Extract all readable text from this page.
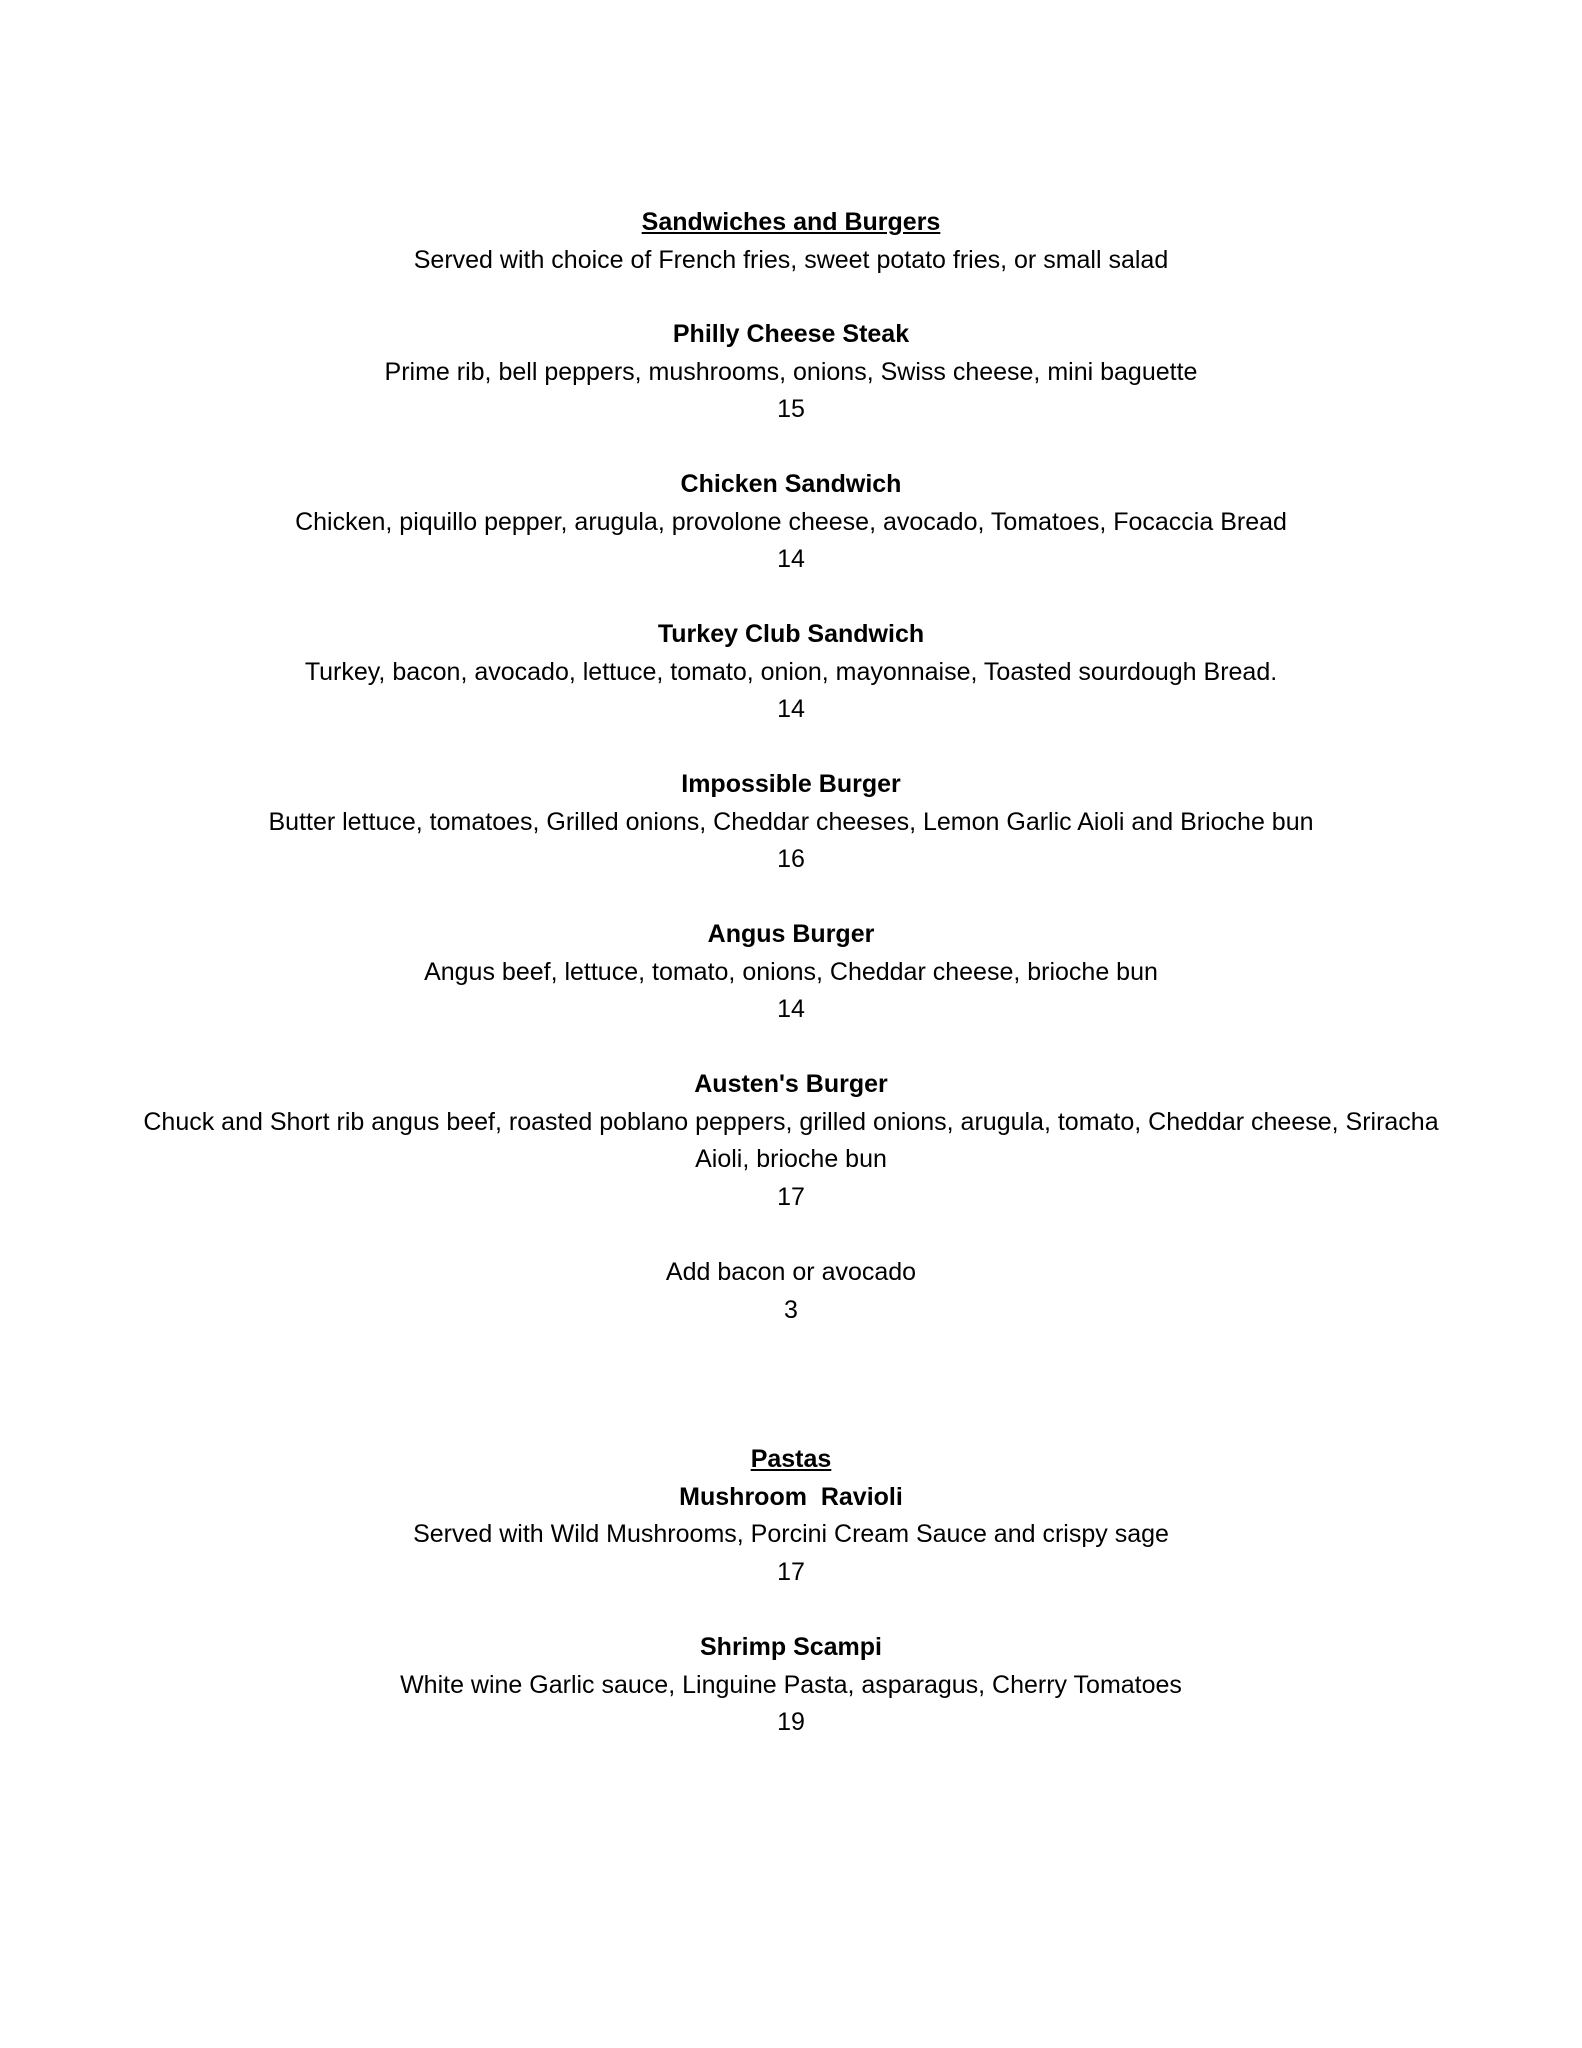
Sandwiches and Burgers
Served with choice of French fries, sweet potato fries, or small salad
Philly Cheese Steak
Prime rib, bell peppers, mushrooms, onions, Swiss cheese, mini baguette
15
Chicken Sandwich
Chicken, piquillo pepper, arugula, provolone cheese, avocado, Tomatoes, Focaccia Bread
14
Turkey Club Sandwich
Turkey, bacon, avocado, lettuce, tomato, onion, mayonnaise, Toasted sourdough Bread.
14
Impossible Burger
Butter lettuce, tomatoes, Grilled onions, Cheddar cheeses, Lemon Garlic Aioli and Brioche bun
16
Angus Burger
Angus beef, lettuce, tomato, onions, Cheddar cheese, brioche bun
14
Austen's Burger
Chuck and Short rib angus beef, roasted poblano peppers, grilled onions, arugula, tomato, Cheddar cheese, Sriracha
Aioli, brioche bun
17
Add bacon or avocado
3
Pastas
Mushroom  Ravioli
Served with Wild Mushrooms, Porcini Cream Sauce and crispy sage
17
Shrimp Scampi
White wine Garlic sauce, Linguine Pasta, asparagus, Cherry Tomatoes
19
